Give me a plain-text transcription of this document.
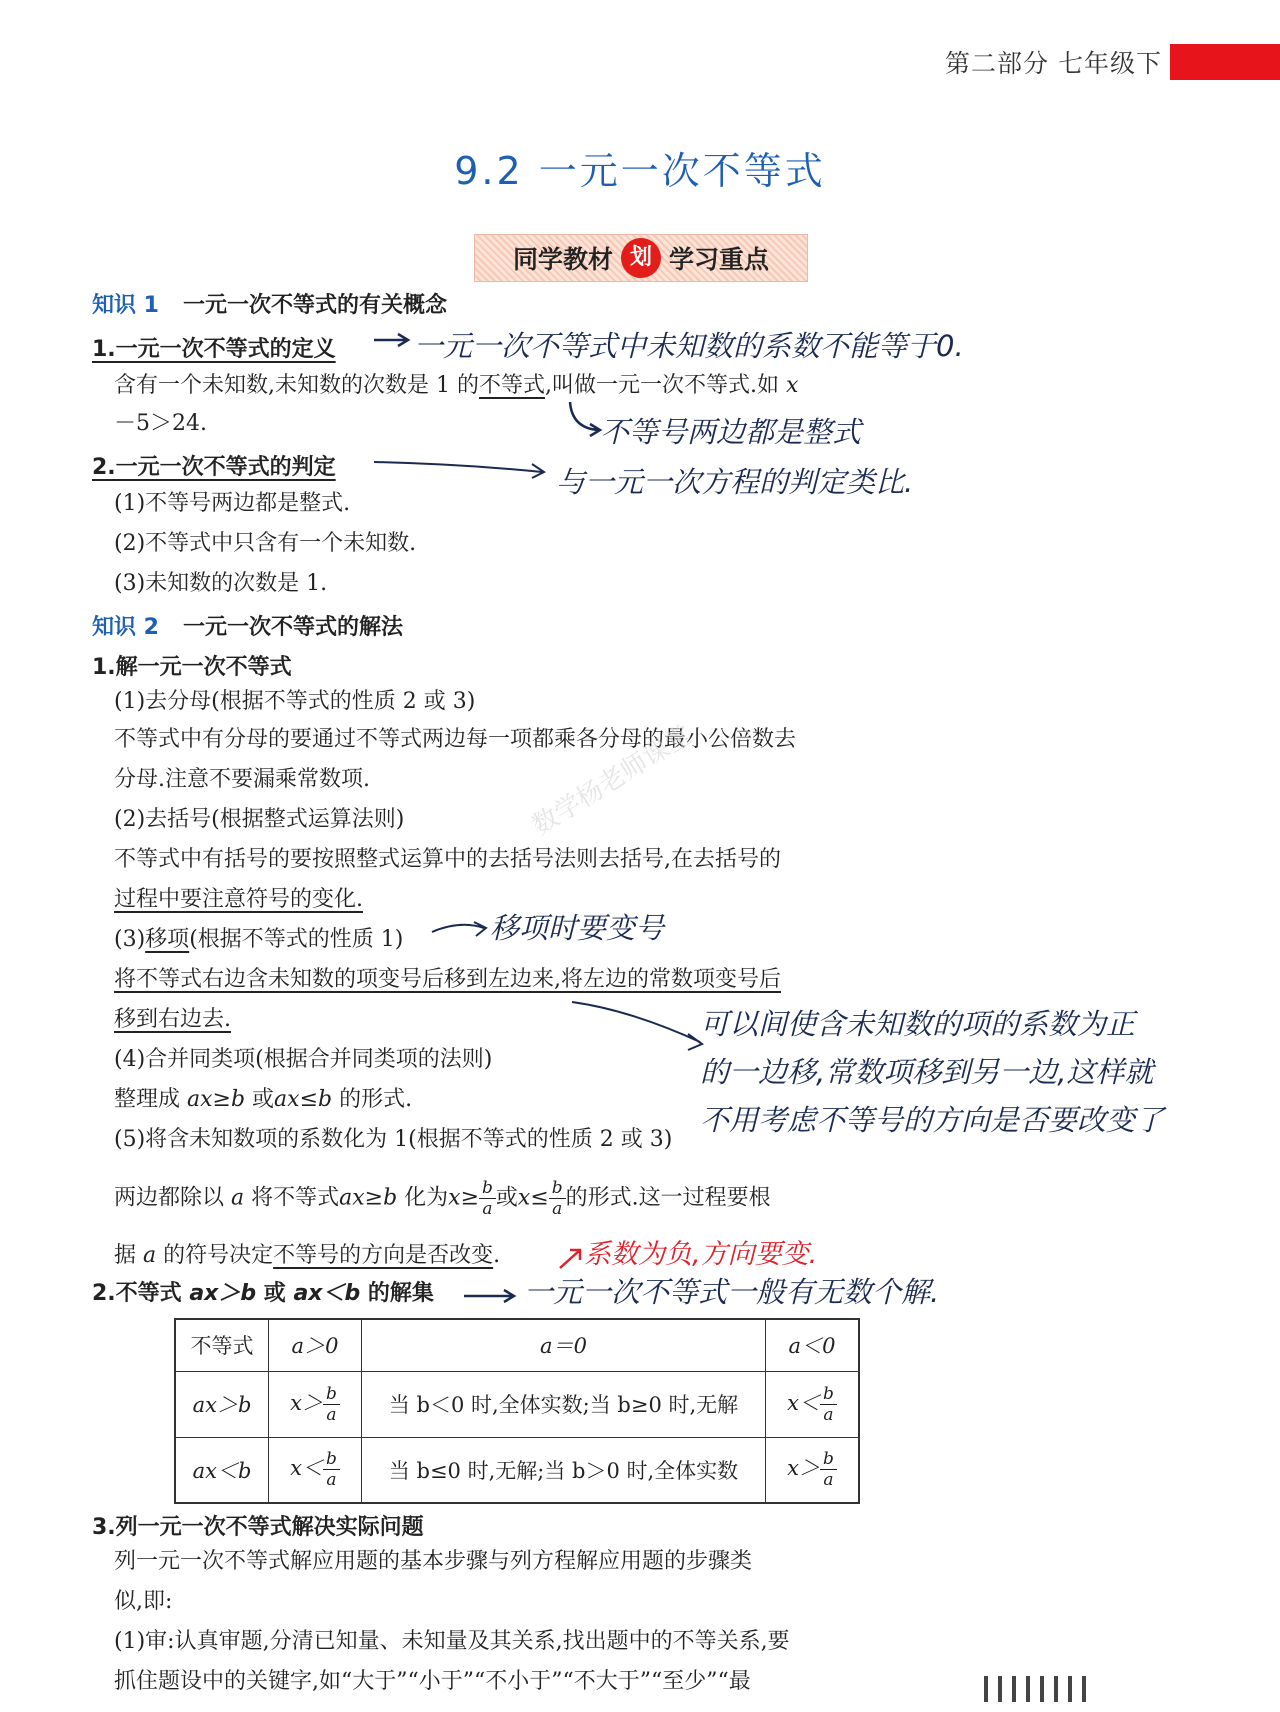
第二部分 七年级下
9.2 一元一次不等式
同学教材 划 学习重点
知识 1 一元一次不等式的有关概念
1.一元一次不等式的定义	一元一次不等式中未知数的系数不能等于0.
含有一个未知数,未知数的次数是 1 的不等式,叫做一元一次不等式.如 x
－5＞24.	不等号两边都是整式
2.一元一次不等式的判定	与一元一次方程的判定类比.
(1)不等号两边都是整式.
(2)不等式中只含有一个未知数.
(3)未知数的次数是 1.
知识 2 一元一次不等式的解法
1.解一元一次不等式
(1)去分母(根据不等式的性质 2 或 3)
不等式中有分母的要通过不等式两边每一项都乘各分母的最小公倍数去
分母.注意不要漏乘常数项.
(2)去括号(根据整式运算法则)
不等式中有括号的要按照整式运算中的去括号法则去括号,在去括号的
过程中要注意符号的变化.
(3)移项(根据不等式的性质 1)	移项时要变号
将不等式右边含未知数的项变号后移到左边来,将左边的常数项变号后
移到右边去.	可以间使含未知数的项的系数为正
的一边移,常数项移到另一边,这样就
不用考虑不等号的方向是否要改变了
(4)合并同类项(根据合并同类项的法则)
整理成 ax≥b 或ax≤b 的形式.
(5)将含未知数项的系数化为 1(根据不等式的性质 2 或 3)
两边都除以 a 将不等式ax≥b 化为$x\ge \frac{b}{a}$ 或$x\le \frac{b}{a}$ 的形式.这一过程要根
据 a 的符号决定不等号的方向是否改变.	系数为负,方向要变.
2.不等式 ax＞b 或 ax＜b 的解集	一元一次不等式一般有无数个解.
不等式	a＞0	a＝0	a＜0
ax＞b	$x> \frac{b}{a}$	当 b＜0 时,全体实数;当 b≥0 时,无解	$x< \frac{b}{a}$

ax＜b	$x< \frac{b}{a}$	当 b≤0 时,无解;当 b＞0 时,全体实数	$x> \frac{b}{a}$
3.列一元一次不等式解决实际问题
列一元一次不等式解应用题的基本步骤与列方程解应用题的步骤类
似,即:
(1)审:认真审题,分清已知量、未知量及其关系,找出题中的不等关系,要
抓住题设中的关键字,如“大于”“小于”“不小于”“不大于”“至少”“最
数学杨老师课堂
